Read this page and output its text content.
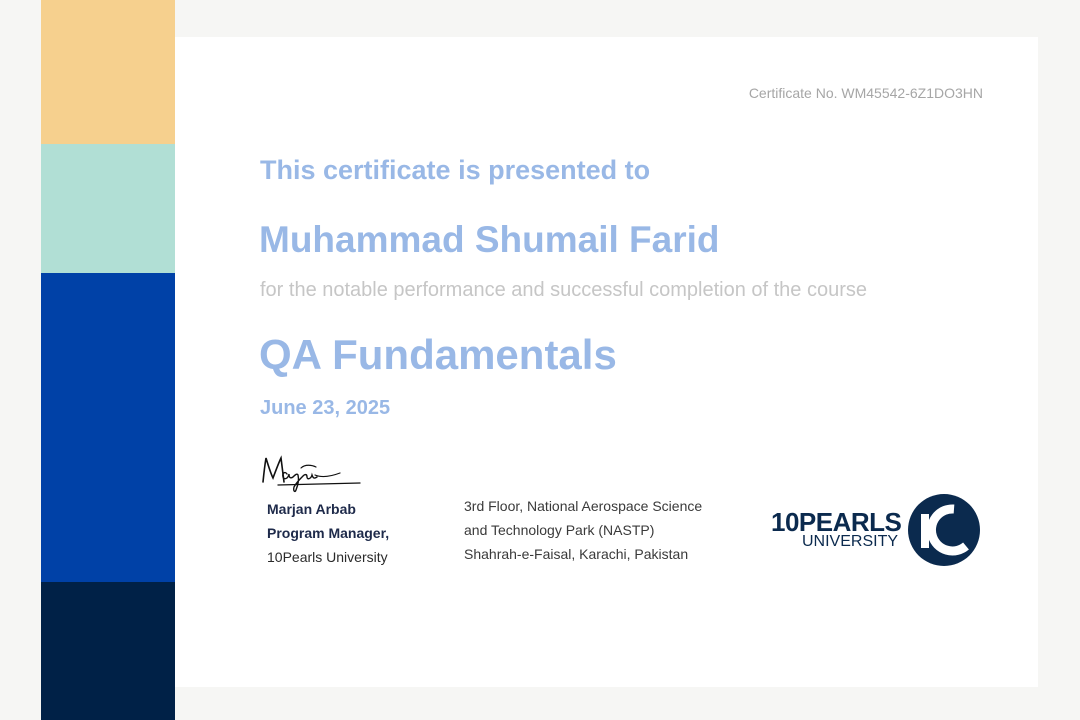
Certificate No. WM45542-6Z1DO3HN
This certificate is presented to
Muhammad Shumail Farid
for the notable performance and successful completion of the course
QA Fundamentals
June 23, 2025
Marjan Arbab
Program Manager,
10Pearls University
3rd Floor, National Aerospace Science
and Technology Park (NASTP)
Shahrah-e-Faisal, Karachi, Pakistan
10PEARLS
UNIVERSITY
